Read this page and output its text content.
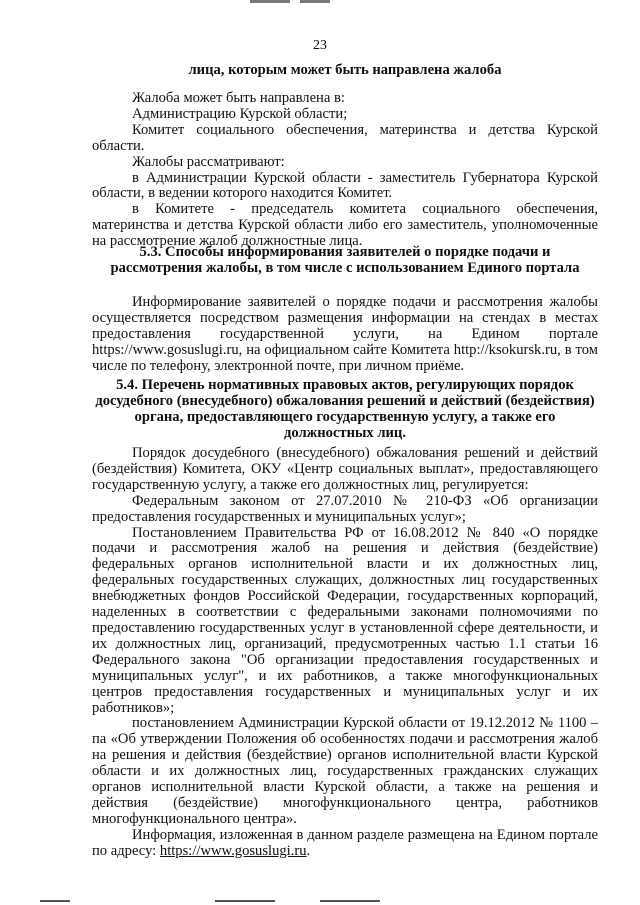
23
лица, которым может быть направлена жалоба

Жалоба может быть направлена в:

Администрацию Курской области;

Комитет социального обеспечения, материнства и детства Курской области.

Жалобы рассматривают:

в Администрации Курской области - заместитель Губернатора Курской области, в ведении которого находится Комитет.

в Комитете - председатель комитета социального обеспечения, материнства и детства Курской области либо его заместитель, уполномоченные на рассмотрение жалоб должностные лица.

5.3. Способы информирования заявителей о порядке подачи и рассмотрения жалобы, в том числе с использованием Единого портала

Информирование заявителей о порядке подачи и рассмотрения жалобы осуществляется посредством размещения информации на стендах в местах предоставления государственной услуги, на Едином портале https://www.gosuslugi.ru, на официальном сайте Комитета http://ksokursk.ru, в том числе по телефону, электронной почте, при личном приёме.

5.4. Перечень нормативных правовых актов, регулирующих порядок досудебного (внесудебного) обжалования решений и действий (бездействия) органа, предоставляющего государственную услугу, а также его должностных лиц.

Порядок досудебного (внесудебного) обжалования решений и действий (бездействия) Комитета, ОКУ «Центр социальных выплат», предоставляющего государственную услугу, а также его должностных лиц, регулируется:

Федеральным законом от 27.07.2010 № 210-ФЗ «Об организации предоставления государственных и муниципальных услуг»;

Постановлением Правительства РФ от 16.08.2012 № 840 «О порядке подачи и рассмотрения жалоб на решения и действия (бездействие) федеральных органов исполнительной власти и их должностных лиц, федеральных государственных служащих, должностных лиц государственных внебюджетных фондов Российской Федерации, государственных корпораций, наделенных в соответствии с федеральными законами полномочиями по предоставлению государственных услуг в установленной сфере деятельности, и их должностных лиц, организаций, предусмотренных частью 1.1 статьи 16 Федерального закона "Об организации предоставления государственных и муниципальных услуг", и их работников, а также многофункциональных центров предоставления государственных и муниципальных услуг и их работников»;

постановлением Администрации Курской области от 19.12.2012 № 1100 – па «Об утверждении Положения об особенностях подачи и рассмотрения жалоб на решения и действия (бездействие) органов исполнительной власти Курской области и их должностных лиц, государственных гражданских служащих органов исполнительной власти Курской области, а также на решения и действия (бездействие) многофункционального центра, работников многофункционального центра».

Информация, изложенная в данном разделе размещена на Едином портале по адресу: https://www.gosuslugi.ru.
